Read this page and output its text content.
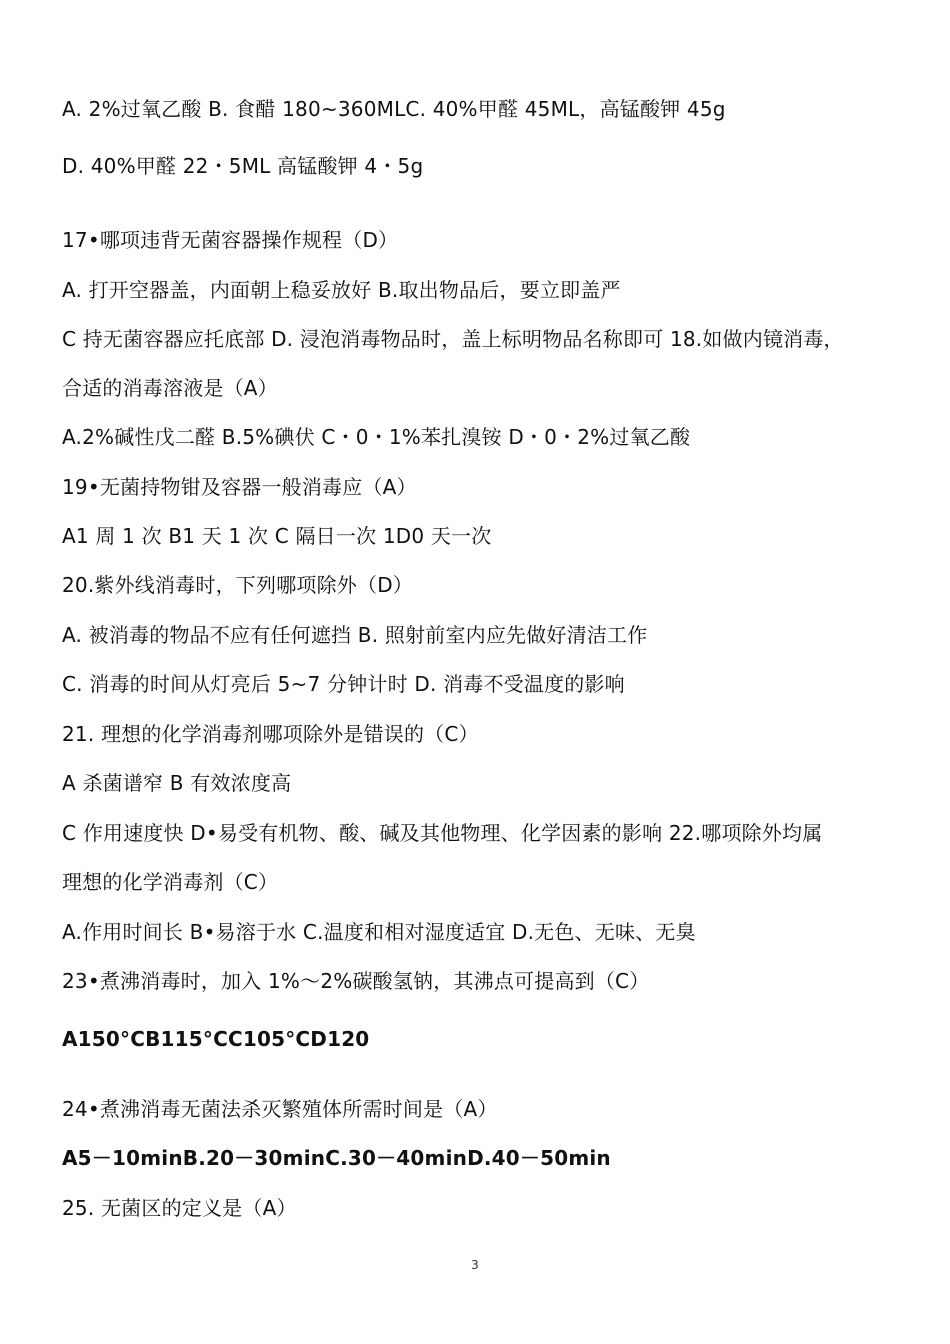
A. 2%过氧乙酸 B. 食醋 180~360MLC. 40%甲醛 45ML，高锰酸钾 45g
D. 40%甲醛 22・5ML 高锰酸钾 4・5g
17•哪项违背无菌容器操作规程（D）
A. 打开空器盖，内面朝上稳妥放好 B.取出物品后，要立即盖严
C 持无菌容器应托底部 D. 浸泡消毒物品时，盖上标明物品名称即可 18.如做内镜消毒，
合适的消毒溶液是（A）
A.2%碱性戊二醛 B.5%碘伏 C・0・1%苯扎溴铵 D・0・2%过氧乙酸
19•无菌持物钳及容器一般消毒应（A）
A1 周 1 次 B1 天 1 次 C 隔日一次 1D0 天一次
20.紫外线消毒时，下列哪项除外（D）
A. 被消毒的物品不应有任何遮挡 B. 照射前室内应先做好清洁工作
C. 消毒的时间从灯亮后 5~7 分钟计时 D. 消毒不受温度的影响
21. 理想的化学消毒剂哪项除外是错误的（C）
A 杀菌谱窄 B 有效浓度高
C 作用速度快 D•易受有机物、酸、碱及其他物理、化学因素的影响 22.哪项除外均属
理想的化学消毒剂（C）
A.作用时间长 B•易溶于水 C.温度和相对湿度适宜 D.无色、无味、无臭
23•煮沸消毒时，加入 1%〜2%碳酸氢钠，其沸点可提高到（C）
A150°CB115°CC105°CD120
24•煮沸消毒无菌法杀灭繁殖体所需时间是（A）
A5－10minB.20－30minC.30－40minD.40－50min
25. 无菌区的定义是（A）
3
